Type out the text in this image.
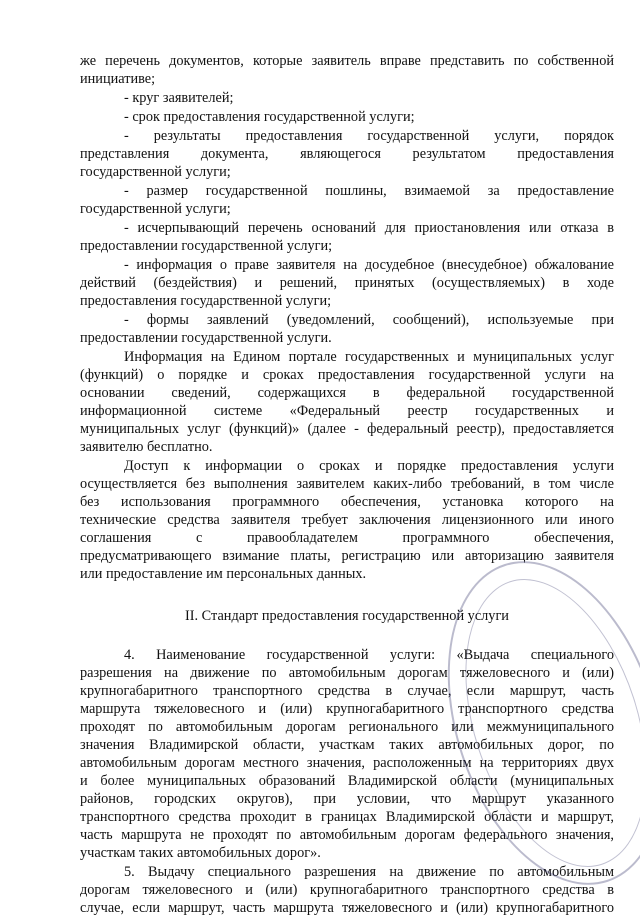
же перечень документов, которые заявитель вправе представить по собственной
инициативе;
- круг заявителей;
- срок предоставления государственной услуги;
- результаты предоставления государственной услуги, порядок
представления документа, являющегося результатом предоставления
государственной услуги;
- размер государственной пошлины, взимаемой за предоставление
государственной услуги;
- исчерпывающий перечень оснований для приостановления или отказа в
предоставлении государственной услуги;
- информация о праве заявителя на досудебное (внесудебное) обжалование
действий (бездействия) и решений, принятых (осуществляемых) в ходе
предоставления государственной услуги;
- формы заявлений (уведомлений, сообщений), используемые при
предоставлении государственной услуги.
Информация на Едином портале государственных и муниципальных услуг
(функций) о порядке и сроках предоставления государственной услуги на
основании сведений, содержащихся в федеральной государственной
информационной системе «Федеральный реестр государственных и
муниципальных услуг (функций)» (далее - федеральный реестр), предоставляется
заявителю бесплатно.
Доступ к информации о сроках и порядке предоставления услуги
осуществляется без выполнения заявителем каких-либо требований, в том числе
без использования программного обеспечения, установка которого на
технические средства заявителя требует заключения лицензионного или иного
соглашения с правообладателем программного обеспечения,
предусматривающего взимание платы, регистрацию или авторизацию заявителя
или предоставление им персональных данных.
II. Стандарт предоставления государственной услуги
4. Наименование государственной услуги: «Выдача специального
разрешения на движение по автомобильным дорогам тяжеловесного и (или)
крупногабаритного транспортного средства в случае, если маршрут, часть
маршрута тяжеловесного и (или) крупногабаритного транспортного средства
проходят по автомобильным дорогам регионального или межмуниципального
значения Владимирской области, участкам таких автомобильных дорог, по
автомобильным дорогам местного значения, расположенным на территориях двух
и более муниципальных образований Владимирской области (муниципальных
районов, городских округов), при условии, что маршрут указанного
транспортного средства проходит в границах Владимирской области и маршрут,
часть маршрута не проходят по автомобильным дорогам федерального значения,
участкам таких автомобильных дорог».
5. Выдачу специального разрешения на движение по автомобильным
дорогам тяжеловесного и (или) крупногабаритного транспортного средства в
случае, если маршрут, часть маршрута тяжеловесного и (или) крупногабаритного
